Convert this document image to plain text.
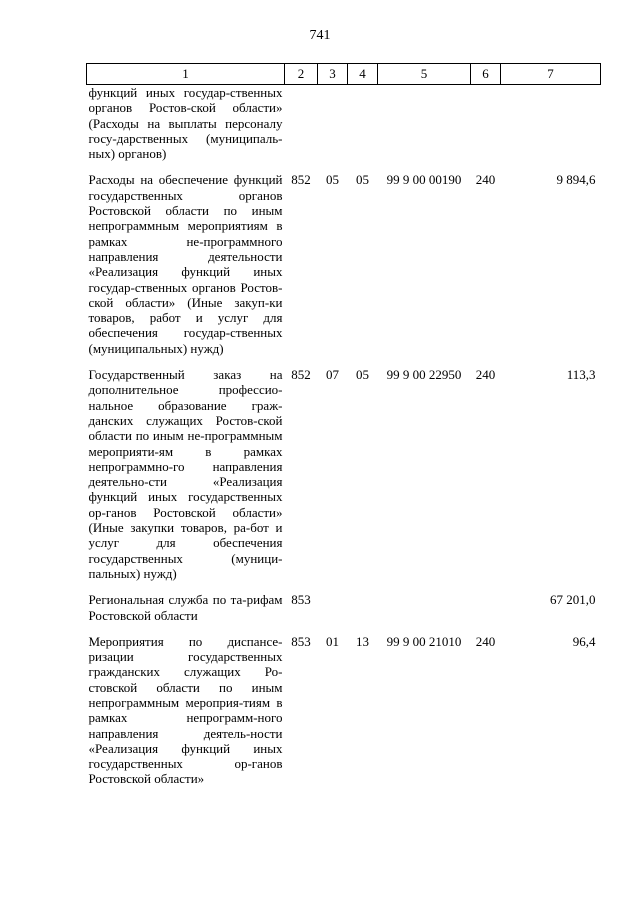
741
1	2	3	4	5	6	7
функций иных государ-ственных органов Ростов-ской области» (Расходы на выплаты персоналу госу-дарственных (муниципаль-ных) органов)						
Расходы на обеспечение функций государственных органов Ростовской области по иным непрограммным мероприятиям в рамках не-программного направления деятельности «Реализация функций иных государ-ственных органов Ростов-ской области» (Иные закуп-ки товаров, работ и услуг для обеспечения государ-ственных (муниципальных) нужд)	852	05	05	99 9 00 00190	240	9 894,6
Государственный заказ на дополнительное профессио-нальное образование граж-данских служащих Ростов-ской области по иным не-программным мероприяти-ям в рамках непрограммно-го направления деятельно-сти «Реализация функций иных государственных ор-ганов Ростовской области» (Иные закупки товаров, ра-бот и услуг для обеспечения государственных (муници-пальных) нужд)	852	07	05	99 9 00 22950	240	113,3
Региональная служба по та-рифам Ростовской области	853					67 201,0
Мероприятия по диспансе-ризации государственных гражданских служащих Ро-стовской области по иным непрограммным мероприя-тиям в рамках непрограмм-ного направления деятель-ности «Реализация функций иных государственных ор-ганов Ростовской области»	853	01	13	99 9 00 21010	240	96,4
